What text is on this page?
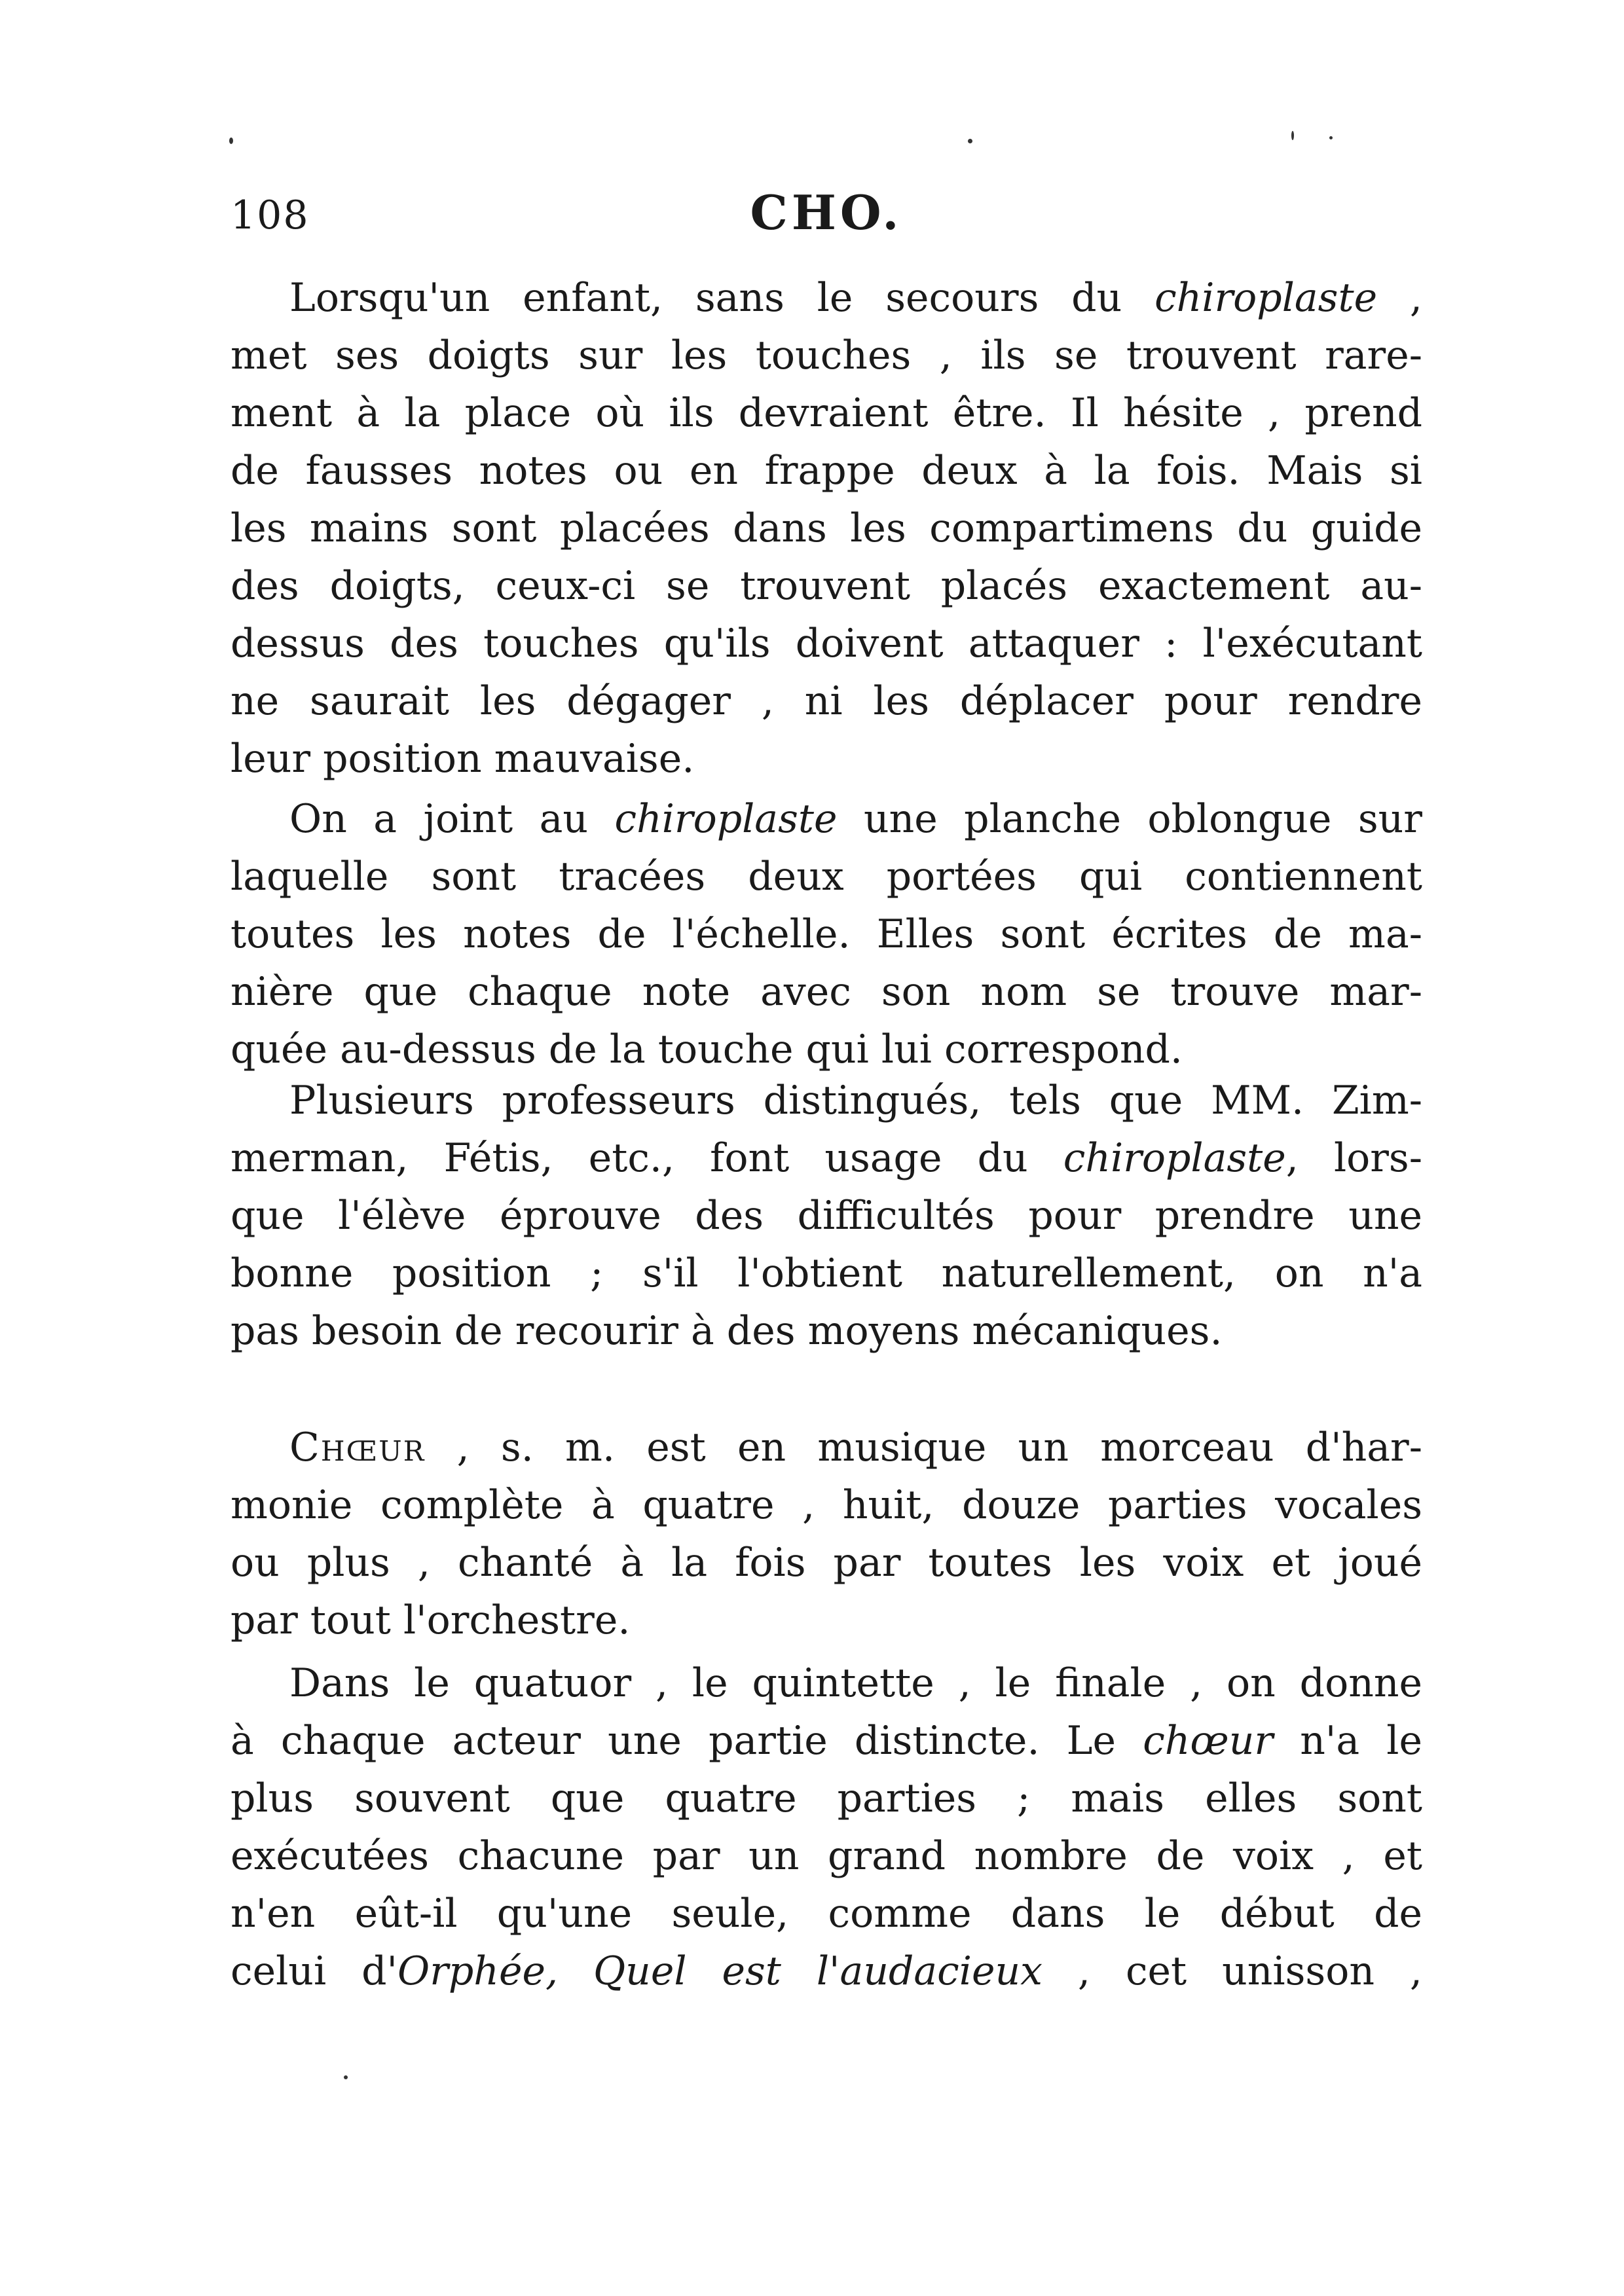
108	CHO.
Lorsqu'un enfant, sans le secours du chiroplaste ,
met ses doigts sur les touches , ils se trouvent rare-
ment à la place où ils devraient être. Il hésite , prend
de fausses notes ou en frappe deux à la fois. Mais si
les mains sont placées dans les compartimens du guide
des doigts, ceux-ci se trouvent placés exactement au-
dessus des touches qu'ils doivent attaquer : l'exécutant
ne saurait les dégager , ni les déplacer pour rendre
leur position mauvaise.
On a joint au chiroplaste une planche oblongue sur
laquelle sont tracées deux portées qui contiennent
toutes les notes de l'échelle. Elles sont écrites de ma-
nière que chaque note avec son nom se trouve mar-
quée au-dessus de la touche qui lui correspond.
Plusieurs professeurs distingués, tels que MM. Zim-
merman, Fétis, etc., font usage du chiroplaste, lors-
que l'élève éprouve des difficultés pour prendre une
bonne position ; s'il l'obtient naturellement, on n'a
pas besoin de recourir à des moyens mécaniques.
Chœur , s. m. est en musique un morceau d'har-
monie complète à quatre , huit, douze parties vocales
ou plus , chanté à la fois par toutes les voix et joué
par tout l'orchestre.
Dans le quatuor , le quintette , le finale , on donne
à chaque acteur une partie distincte. Le chœur n'a le
plus souvent que quatre parties ; mais elles sont
exécutées chacune par un grand nombre de voix , et
n'en eût-il qu'une seule, comme dans le début de
celui d'Orphée, Quel est l'audacieux , cet unisson ,
